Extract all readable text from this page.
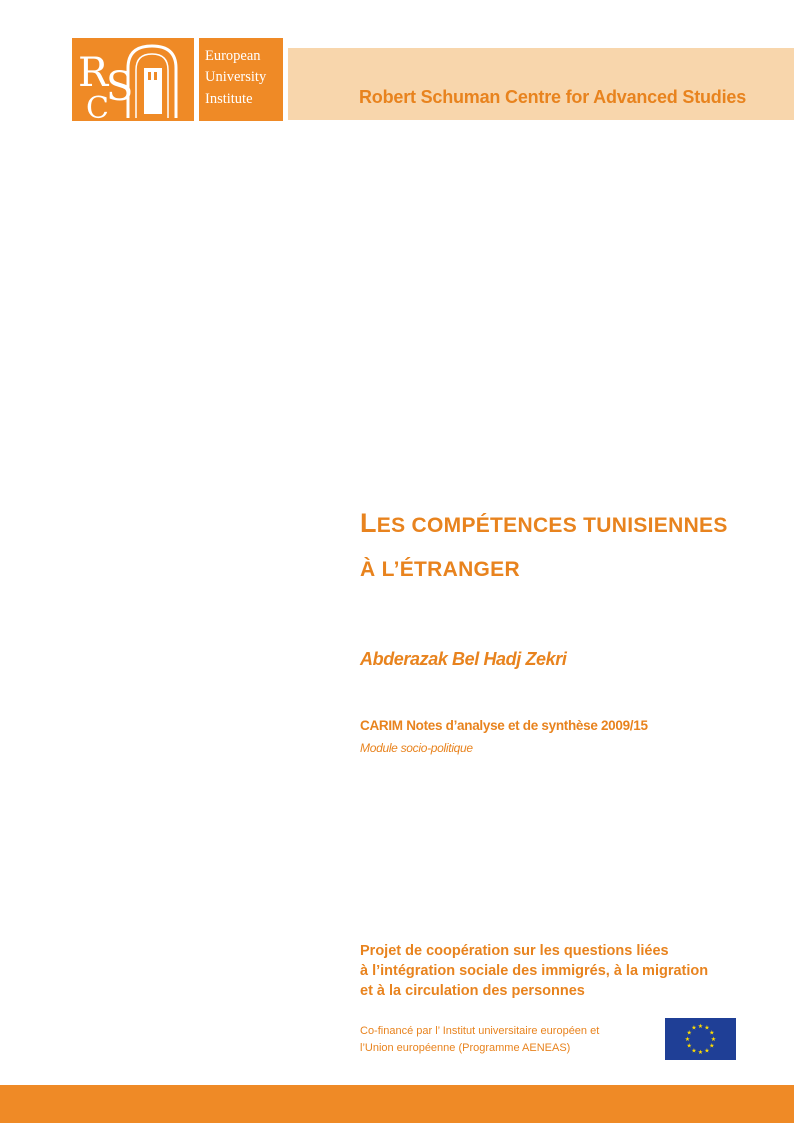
R
S
C
European
University
Institute	Robert Schuman Centre for Advanced Studies
LES COMPÉTENCES TUNISIENNES
À L’ÉTRANGER
Abderazak Bel Hadj Zekri
CARIM Notes d’analyse et de synthèse 2009/15
Module socio-politique
Projet de coopération sur les questions liées
à l’intégration sociale des immigrés, à la migration
et à la circulation des personnes
Co-financé par l’ Institut universitaire européen et
l’Union européenne (Programme AENEAS)
★ ★
★
★
★
★
★
★
★
★
★
★
